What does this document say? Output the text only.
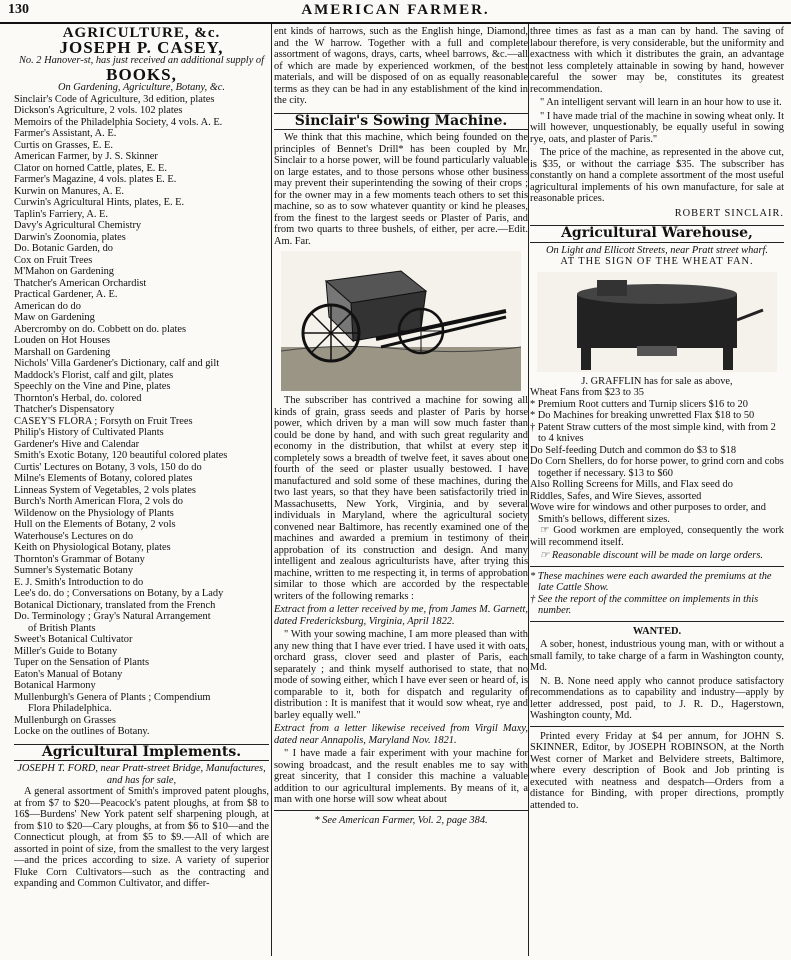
130	AMERICAN FARMER.
AGRICULTURE, &c.
JOSEPH P. CASEY,
No. 2 Hanover-st, has just received an additional supply of
BOOKS,
On Gardening, Agriculture, Botany, &c.
Sinclair's Code of Agriculture, 3d edition, plates
Dickson's Agriculture, 2 vols. 102 plates
Memoirs of the Philadelphia Society, 4 vols. A. E.
Farmer's Assistant, A. E.
Curtis on Grasses, E. E.
American Farmer, by J. S. Skinner
Clator on horned Cattle, plates, E. E.
Farmer's Magazine, 4 vols. plates E. E.
Kurwin on Manures, A. E.
Curwin's Agricultural Hints, plates, E. E.
Taplin's Farriery, A. E.
Davy's Agricultural Chemistry
Darwin's Zoonomia, plates
Do. Botanic Garden, do
Cox on Fruit Trees
M'Mahon on Gardening
Thatcher's American Orchardist
Practical Gardener, A. E.
American do do
Maw on Gardening
Abercromby on do. Cobbett on do. plates
Louden on Hot Houses
Marshall on Gardening
Nichols' Villa Gardener's Dictionary, calf and gilt
Maddock's Florist, calf and gilt, plates
Speechly on the Vine and Pine, plates
Thornton's Herbal, do. colored
Thatcher's Dispensatory
CASEY'S FLORA ; Forsyth on Fruit Trees
Philip's History of Cultivated Plants
Gardener's Hive and Calendar
Smith's Exotic Botany, 120 beautiful colored plates
Curtis' Lectures on Botany, 3 vols, 150 do do
Milne's Elements of Botany, colored plates
Linneas System of Vegetables, 2 vols plates
Burch's North American Flora, 2 vols do
Wildenow on the Physiology of Plants
Hull on the Elements of Botany, 2 vols
Waterhouse's Lectures on do
Keith on Physiological Botany, plates
Thornton's Grammar of Botany
Sumner's Systematic Botany
E. J. Smith's Introduction to do
Lee's do. do ; Conversations on Botany, by a Lady
Botanical Dictionary, translated from the French
Do. Terminology ; Gray's Natural Arrangement
of British Plants
Sweet's Botanical Cultivator
Miller's Guide to Botany
Tuper on the Sensation of Plants
Eaton's Manual of Botany
Botanical Harmony
Mullenburgh's Genera of Plants ; Compendium
Flora Philadelphica.
Mullenburgh on Grasses
Locke on the outlines of Botany.
Agricultural Implements.
JOSEPH T. FORD, near Pratt-street Bridge, Manufactures, and has for sale,

A general assortment of Smith's improved patent ploughs, at from $7 to $20—Peacock's patent ploughs, at from $8 to 16$—Burdens' New York patent self sharpening plough, at from $10 to $20—Cary ploughs, at from $6 to $10—and the Connecticut plough, at from $5 to $9.—All of which are assorted in point of size, from the smallest to the very largest—and the prices according to size. A variety of superior Fluke Corn Cultivators—such as the contracting and expanding and Common Cultivator, and differ-

ent kinds of harrows, such as the English hinge, Diamond, and the W harrow. Together with a full and complete assortment of wagons, drays, carts, wheel barrows, &c.—all of which are made by experienced workmen, of the best materials, and will be disposed of on as equally reasonable terms as they can be had in any establishment of the kind in the city.

Sinclair's Sowing Machine.

We think that this machine, which being founded on the principles of Bennet's Drill* has been coupled by Mr. Sinclair to a horse power, will be found particularly valuable on large estates, and to those persons whose other business may prevent their superintending the sowing of their crops ; for the owner may in a few moments teach others to set this machine, so as to sow whatever quantity or kind he pleases, from the finest to the largest seeds or Plaster of Paris, and from two quarts to three bushels, of either, per acre.—Edit. Am. Far.

The subscriber has contrived a machine for sowing all kinds of grain, grass seeds and plaster of Paris by horse power, which driven by a man will sow much faster than could be done by hand, and with such great regularity and economy in the distribution, that whilst at every step it completely sows a breadth of twelve feet, it saves about one fourth of the seed or plaster usually bestowed. I have manufactured and sold some of these machines, during the two last years, so that they have been satisfactorily tried in Massachusetts, New York, Virginia, and by several individuals in Maryland, where the agricultural society convened near Baltimore, has recently examined one of the machines and awarded a premium in testimony of their approbation of its construction and design. And many intelligent and zealous agriculturists have, after trying this machine, written to me respecting it, in terms of approbation similar to those which are accorded by the respectable writers of the following remarks :

Extract from a letter received by me, from James M. Garnett, dated Fredericksburg, Virginia, April 1822.

" With your sowing machine, I am more pleased than with any new thing that I have ever tried. I have used it with oats, orchard grass, clover seed and plaster of Paris, each separately ; and think myself authorised to state, that no mode of sowing either, which I have ever seen or heard of, is comparable to it, both for dispatch and regularity of distribution : It is manifest that it would sow wheat, rye and barley equally well."

Extract from a letter likewise received from Virgil Maxy, dated near Annapolis, Maryland Nov. 1821.

" I have made a fair experiment with your machine for sowing broadcast, and the result enables me to say with great sincerity, that I consider this machine a valuable addition to our agricultural implements. By means of it, a man with one horse will sow wheat about

* See American Farmer, Vol. 2, page 384.

three times as fast as a man can by hand. The saving of labour therefore, is very considerable, but the uniformity and exactness with which it distributes the grain, an advantage not less completely attainable in sowing by hand, however careful the sower may be, constitutes its greatest recommendation.

" An intelligent servant will learn in an hour how to use it.

" I have made trial of the machine in sowing wheat only. It will however, unquestionably, be equally useful in sowing rye, oats, and plaster of Paris."

The price of the machine, as represented in the above cut, is $35, or without the carriage $35. The subscriber has constantly on hand a complete assortment of the most useful agricultural implements of his own manufacture, for sale at reasonable prices.

ROBERT SINCLAIR.
Agricultural Warehouse,
On Light and Ellicott Streets, near Pratt street wharf.
AT THE SIGN OF THE WHEAT FAN.
J. GRAFFLIN has for sale as above,
Wheat Fans from $23 to 35
* Premium Root cutters and Turnip slicers $16 to 20
* Do Machines for breaking unwretted Flax $18 to 50
† Patent Straw cutters of the most simple kind, with from 2 to 4 knives
Do Self-feeding Dutch and common do $3 to $18
Do Corn Shellers, do for horse power, to grind corn and cobs together if necessary. $13 to $60
Also Rolling Screens for Mills, and Flax seed do
Riddles, Safes, and Wire Sieves, assorted
Wove wire for windows and other purposes to order, and Smith's bellows, different sizes.

☞ Good workmen are employed, consequently the work will recommend itself.

☞ Reasonable discount will be made on large orders.

* These machines were each awarded the premiums at the late Cattle Show.
† See the report of the committee on implements in this number.
WANTED.

A sober, honest, industrious young man, with or without a small family, to take charge of a farm in Washington county, Md.

N. B. None need apply who cannot produce satisfactory recommendations as to capability and industry—apply by letter addressed, post paid, to J. R. D., Hagerstown, Washington county, Md.

Printed every Friday at $4 per annum, for JOHN S. SKINNER, Editor, by JOSEPH ROBINSON, at the North West corner of Market and Belvidere streets, Baltimore, where every description of Book and Job printing is executed with neatness and despatch—Orders from a distance for Binding, with proper directions, promptly attended to.
